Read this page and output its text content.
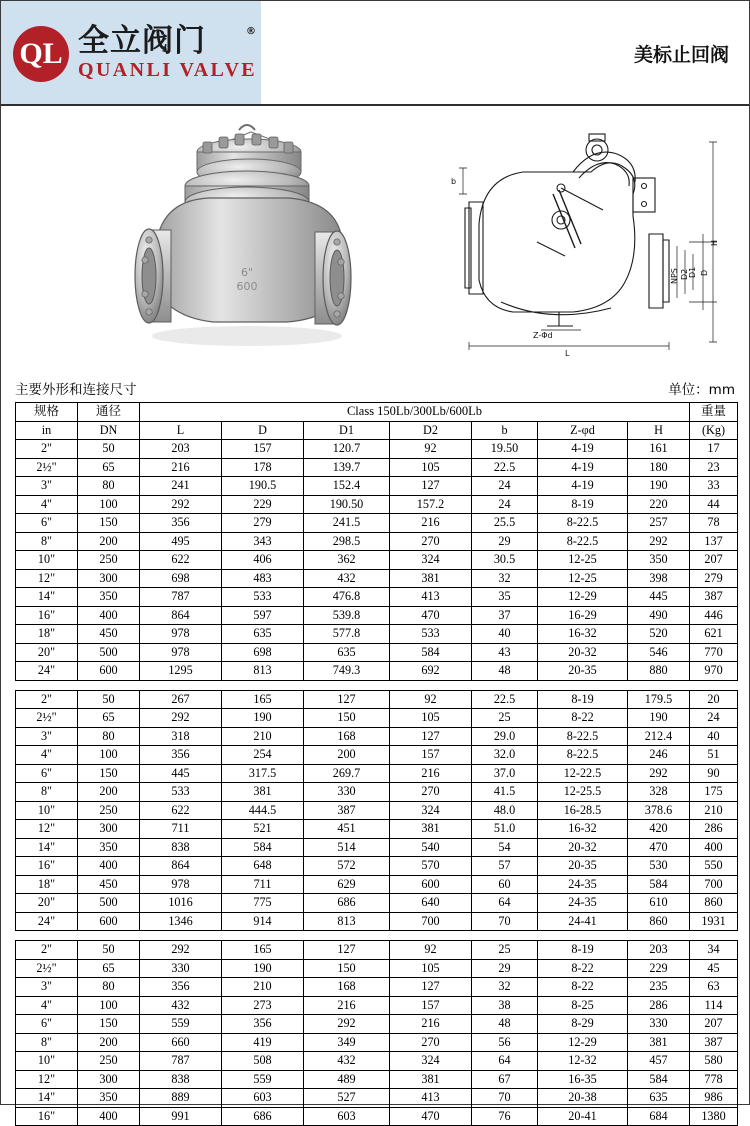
QL 全立阀门	®
QUANLI VALVE
美标止回阀
6"
600
b
H
D
D1
D2
NPS
L
Z-Φd
主要外形和连接尺寸	单位：mm
规格	通径	Class 150Lb/300Lb/600Lb							重量
in	DN	L	D	D1	D2	b	Z-φd	H	(Kg)
2"	50	203	157	120.7	92	19.50	4-19	161	17
2½"	65	216	178	139.7	105	22.5	4-19	180	23
3"	80	241	190.5	152.4	127	24	4-19	190	33
4"	100	292	229	190.50	157.2	24	8-19	220	44
6"	150	356	279	241.5	216	25.5	8-22.5	257	78
8"	200	495	343	298.5	270	29	8-22.5	292	137
10"	250	622	406	362	324	30.5	12-25	350	207
12"	300	698	483	432	381	32	12-25	398	279
14"	350	787	533	476.8	413	35	12-29	445	387
16"	400	864	597	539.8	470	37	16-29	490	446
18"	450	978	635	577.8	533	40	16-32	520	621
20"	500	978	698	635	584	43	20-32	546	770
24"	600	1295	813	749.3	692	48	20-35	880	970
2"	50	267	165	127	92	22.5	8-19	179.5	20
2½"	65	292	190	150	105	25	8-22	190	24
3"	80	318	210	168	127	29.0	8-22.5	212.4	40
4"	100	356	254	200	157	32.0	8-22.5	246	51
6"	150	445	317.5	269.7	216	37.0	12-22.5	292	90
8"	200	533	381	330	270	41.5	12-25.5	328	175
10"	250	622	444.5	387	324	48.0	16-28.5	378.6	210
12"	300	711	521	451	381	51.0	16-32	420	286
14"	350	838	584	514	540	54	20-32	470	400
16"	400	864	648	572	570	57	20-35	530	550
18"	450	978	711	629	600	60	24-35	584	700
20"	500	1016	775	686	640	64	24-35	610	860
24"	600	1346	914	813	700	70	24-41	860	1931
2"	50	292	165	127	92	25	8-19	203	34
2½"	65	330	190	150	105	29	8-22	229	45
3"	80	356	210	168	127	32	8-22	235	63
4"	100	432	273	216	157	38	8-25	286	114
6"	150	559	356	292	216	48	8-29	330	207
8"	200	660	419	349	270	56	12-29	381	387
10"	250	787	508	432	324	64	12-32	457	580
12"	300	838	559	489	381	67	16-35	584	778
14"	350	889	603	527	413	70	20-38	635	986
16"	400	991	686	603	470	76	20-41	684	1380
